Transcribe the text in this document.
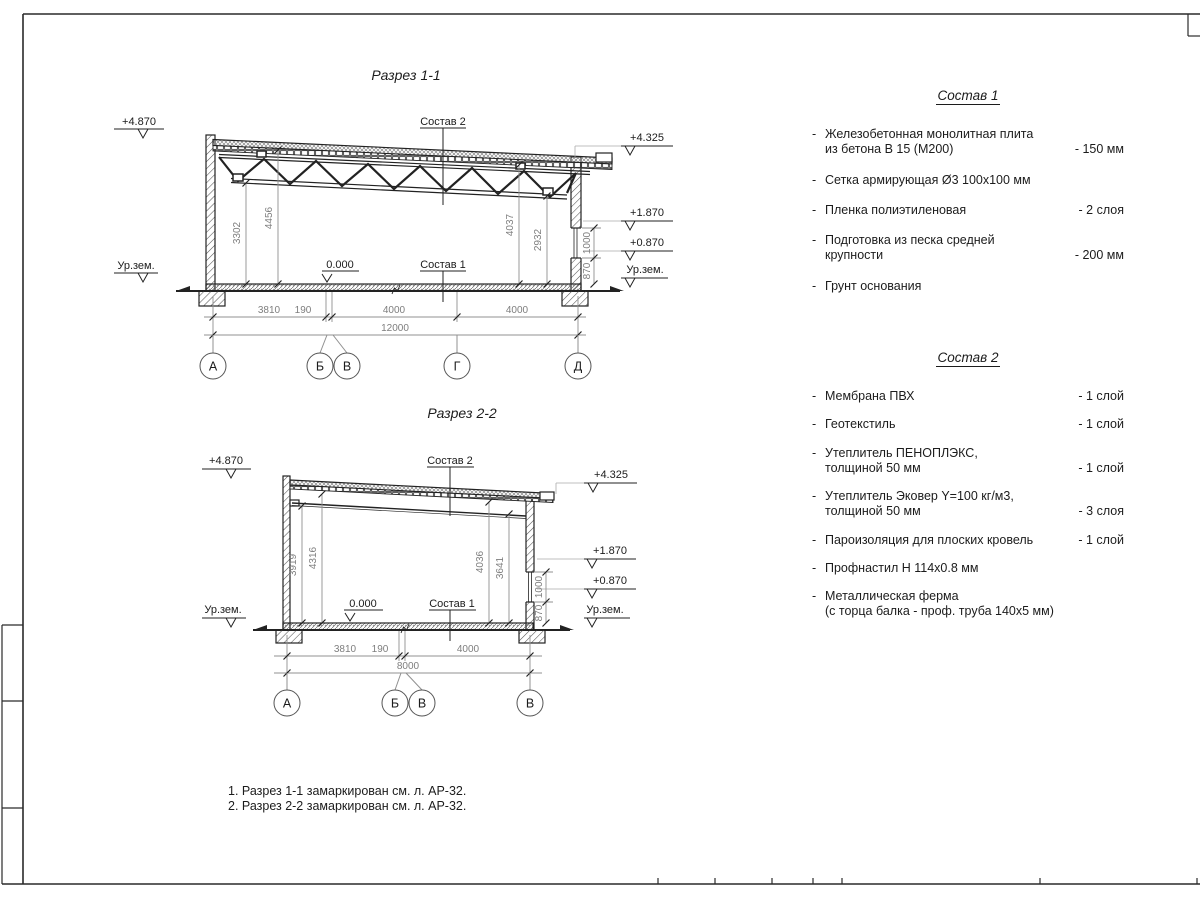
Разрез 1-1
Состав 2
Состав 1
0.000
+4.870
Ур.зем.
+4.325
+1.870
+0.870
Ур.зем.
3302
4456	4037
2932	1000
870
3810 190	4000	4000
12000
А	Б В	Г	Д
Разрез 2-2
Состав 2
Состав 1
0.000
+4.870
Ур.зем.
+4.325
+1.870
+0.870
Ур.зем.
3919 4316	4036 3641
1000
870
3810 190	4000
8000
А	Б В	В
Состав 1
- Железобетонная монолитная плита
из бетона В 15 (М200)	- 150 мм
- Сетка армирующая Ø3 100x100 мм
- Пленка полиэтиленовая	- 2 слоя
- Подготовка из песка средней
крупности	- 200 мм
- Грунт основания
Состав 2
- Мембрана ПВХ	- 1 слой
- Геотекстиль	- 1 слой
- Утеплитель ПЕНОПЛЭКС,
толщиной 50 мм	- 1 слой
- Утеплитель Эковер Y=100 кг/м3,
толщиной 50 мм	- 3 слоя
- Пароизоляция для плоских кровель	- 1 слой
- Профнастил Н 114х0.8 мм
- Металлическая ферма
(с торца балка - проф. труба 140х5 мм)
1. Разрез 1-1 замаркирован см. л. АР-32.
2. Разрез 2-2 замаркирован см. л. АР-32.
